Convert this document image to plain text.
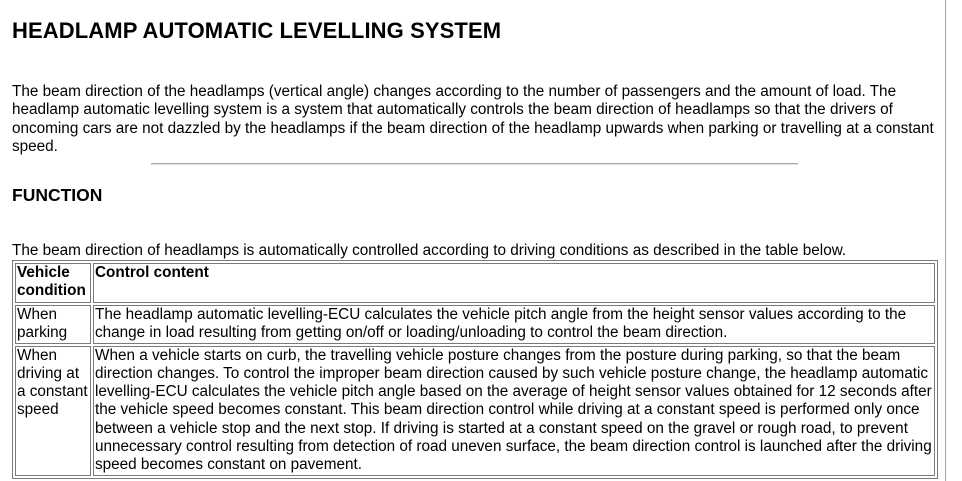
HEADLAMP AUTOMATIC LEVELLING SYSTEM

The beam direction of the headlamps (vertical angle) changes according to the number of passengers and the amount of load. The headlamp automatic levelling system is a system that automatically controls the beam direction of headlamps so that the drivers of oncoming cars are not dazzled by the headlamps if the beam direction of the headlamp upwards when parking or travelling at a constant speed.

FUNCTION

The beam direction of headlamps is automatically controlled according to driving conditions as described in the table below.

Vehicle condition	Control content
When parking	The headlamp automatic levelling-ECU calculates the vehicle pitch angle from the height sensor values according to the change in load resulting from getting on/off or loading/unloading to control the beam direction.
When driving at a constant speed	When a vehicle starts on curb, the travelling vehicle posture changes from the posture during parking, so that the beam direction changes. To control the improper beam direction caused by such vehicle posture change, the headlamp automatic levelling-ECU calculates the vehicle pitch angle based on the average of height sensor values obtained for 12 seconds after the vehicle speed becomes constant. This beam direction control while driving at a constant speed is performed only once between a vehicle stop and the next stop. If driving is started at a constant speed on the gravel or rough road, to prevent unnecessary control resulting from detection of road uneven surface, the beam direction control is launched after the driving speed becomes constant on pavement.
